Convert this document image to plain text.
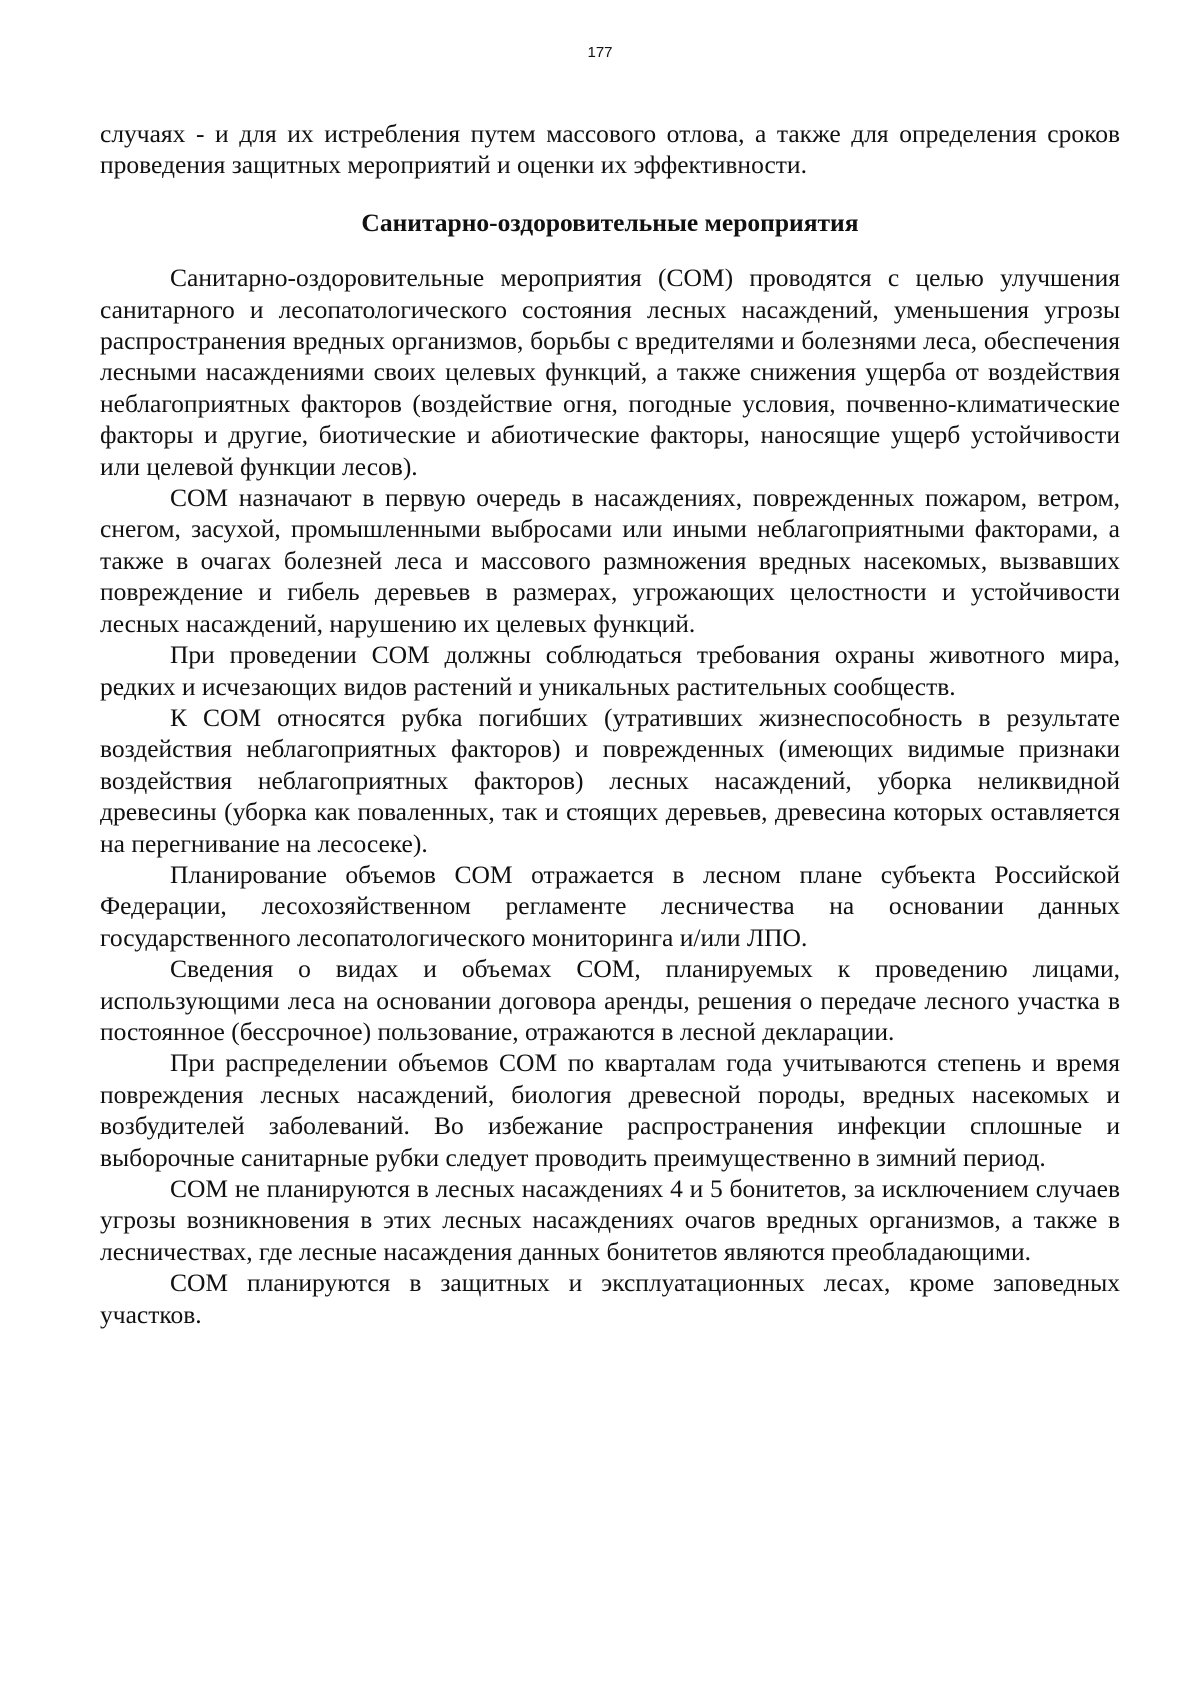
177

случаях - и для их истребления путем массового отлова, а также для определения сроков проведения защитных мероприятий и оценки их эффективности.

Санитарно-оздоровительные мероприятия

Санитарно-оздоровительные мероприятия (СОМ) проводятся с целью улучшения санитарного и лесопатологического состояния лесных насаждений, уменьшения угрозы распространения вредных организмов, борьбы с вредителями и болезнями леса, обеспечения лесными насаждениями своих целевых функций, а также снижения ущерба от воздействия неблагоприятных факторов (воздействие огня, погодные условия, почвенно-климатические факторы и другие, биотические и абиотические факторы, наносящие ущерб устойчивости или целевой функции лесов).

СОМ назначают в первую очередь в насаждениях, поврежденных пожаром, ветром, снегом, засухой, промышленными выбросами или иными неблагоприятными факторами, а также в очагах болезней леса и массового размножения вредных насекомых, вызвавших повреждение и гибель деревьев в размерах, угрожающих целостности и устойчивости лесных насаждений, нарушению их целевых функций.

При проведении СОМ должны соблюдаться требования охраны животного мира, редких и исчезающих видов растений и уникальных растительных сообществ.

К СОМ относятся рубка погибших (утративших жизнеспособность в результате воздействия неблагоприятных факторов) и поврежденных (имеющих видимые признаки воздействия неблагоприятных факторов) лесных насаждений, уборка неликвидной древесины (уборка как поваленных, так и стоящих деревьев, древесина которых оставляется на перегнивание на лесосеке).

Планирование объемов СОМ отражается в лесном плане субъекта Российской Федерации, лесохозяйственном регламенте лесничества на основании данных государственного лесопатологического мониторинга и/или ЛПО.

Сведения о видах и объемах СОМ, планируемых к проведению лицами, использующими леса на основании договора аренды, решения о передаче лесного участка в постоянное (бессрочное) пользование, отражаются в лесной декларации.

При распределении объемов СОМ по кварталам года учитываются степень и время повреждения лесных насаждений, биология древесной породы, вредных насекомых и возбудителей заболеваний. Во избежание распространения инфекции сплошные и выборочные санитарные рубки следует проводить преимущественно в зимний период.

СОМ не планируются в лесных насаждениях 4 и 5 бонитетов, за исключением случаев угрозы возникновения в этих лесных насаждениях очагов вредных организмов, а также в лесничествах, где лесные насаждения данных бонитетов являются преобладающими.

СОМ планируются в защитных и эксплуатационных лесах, кроме заповедных участков.
